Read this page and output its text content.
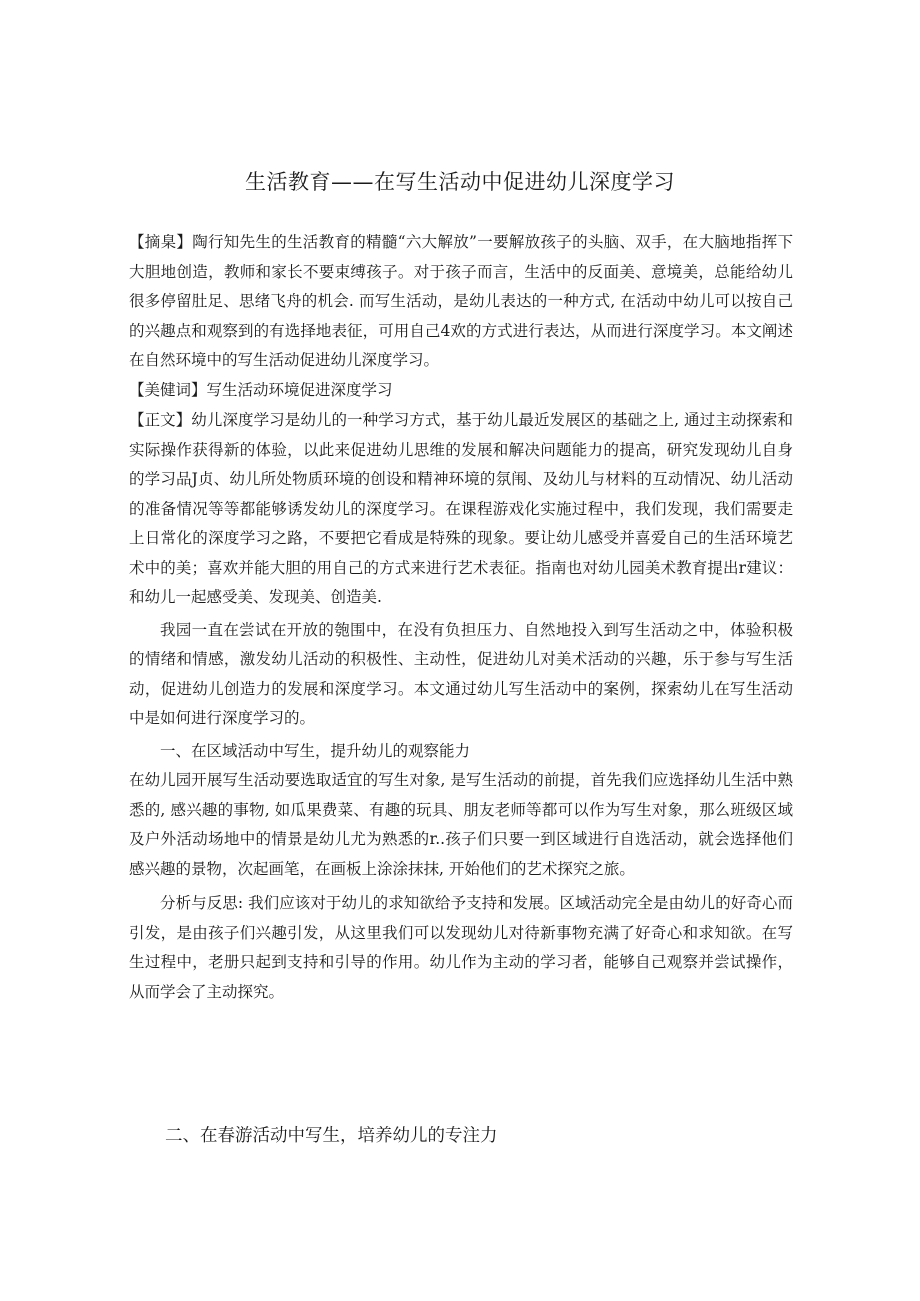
生活教育——在写生活动中促进幼儿深度学习

【摘臬】陶行知先生的生活教育的精髓“六大解放”一要解放孩子的头脑、双手，在大脑地指挥下大胆地创造，教师和家长不要束缚孩子。对于孩子而言，生活中的反面美、意境美，总能给幼儿很多停留肚足、思绪飞舟的机会. 而写生活动，是幼儿表达的一种方式, 在活动中幼儿可以按自己的兴趣点和观察到的有选择地表征，可用自己4欢的方式进行表达，从而进行深度学习。本文阐述在自然环境中的写生活动促进幼儿深度学习。

【美健词】写生活动环境促进深度学习

【正文】幼儿深度学习是幼儿的一种学习方式，基于幼儿最近发展区的基础之上, 通过主动探索和实际操作获得新的体验，以此来促进幼儿思维的发展和解决问题能力的提高，研究发现幼儿自身的学习品J贞、幼儿所处物质环境的创设和精神环境的氛闱、及幼儿与材料的互动情况、幼儿活动的准备情况等等都能够诱发幼儿的深度学习。在课程游戏化实施过程中，我们发现，我们需要走上日常化的深度学习之路，不要把它看成是特殊的现象。要让幼儿感受并喜爱自己的生活环境艺术中的美；喜欢并能大胆的用自己的方式来进行艺术表征。指南也对幼儿园美术教育提出r建议：和幼儿一起感受美、发现美、创造美.

我园一直在尝试在开放的匏围中，在没有负担压力、自然地投入到写生活动之中，体验积极的情绪和情感，激发幼儿活动的积极性、主动性，促进幼儿对美术活动的兴趣，乐于参与写生活动，促进幼儿创造力的发展和深度学习。本文通过幼儿写生活动中的案例，探索幼儿在写生活动中是如何进行深度学习的。

一、在区域活动中写生，提升幼儿的观察能力

在幼儿园开展写生活动要选取适宜的写生对象, 是写生活动的前提，首先我们应选择幼儿生活中熟悉的, 感兴趣的事物, 如瓜果费菜、有趣的玩具、朋友老师等都可以作为写生对象，那么班级区域及户外活动场地中的情景是幼儿尤为熟悉的r..孩子们只要一到区域进行自选活动，就会选择他们感兴趣的景物，次起画笔，在画板上涂涂抹抹, 开始他们的艺术探究之旅。

分析与反思: 我们应该对于幼儿的求知欲给予支持和发展。区域活动完全是由幼儿的好奇心而引发，是由孩子们兴趣引发，从这里我们可以发现幼儿对待新事物充满了好奇心和求知欲。在写生过程中，老册只起到支持和引导的作用。幼儿作为主动的学习者，能够自己观察并尝试操作，从而学会了主动探究。

二、在春游活动中写生，培养幼儿的专注力
